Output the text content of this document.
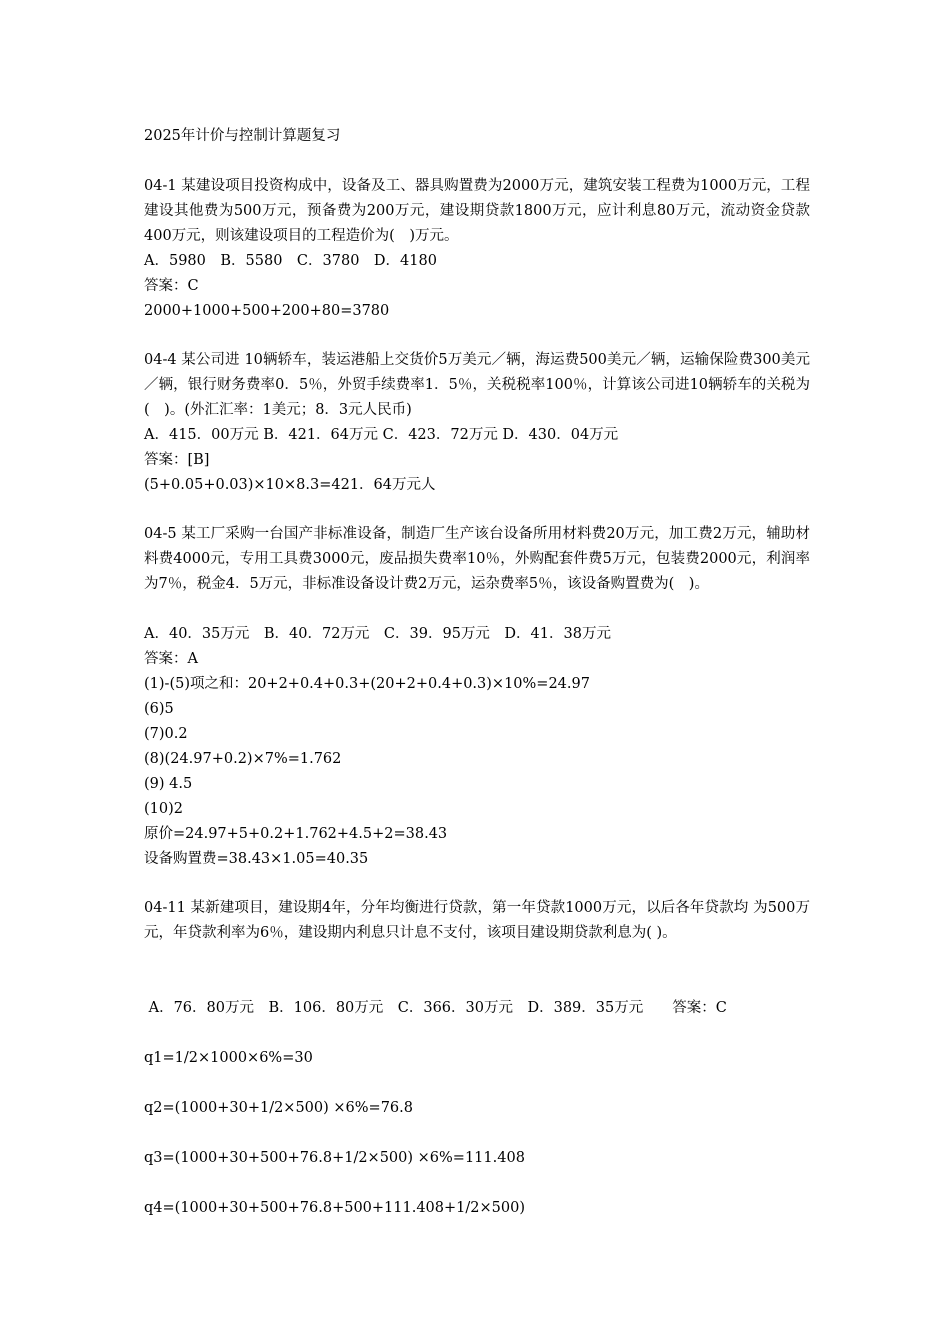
2025年计价与控制计算题复习
04-1 某建设项目投资构成中，设备及工、器具购置费为2000万元，建筑安装工程费为1000万元，工程建设其他费为500万元，预备费为200万元，建设期贷款1800万元，应计利息80万元，流动资金贷款400万元，则该建设项目的工程造价为(　)万元。
A．5980　B．5580　C．3780　D．4180
答案：C
2000+1000+500+200+80=3780
04-4 某公司进 10辆轿车，装运港船上交货价5万美元／辆，海运费500美元／辆，运输保险费300美元／辆，银行财务费率0．5％，外贸手续费率1．5％，关税税率100％，计算该公司进10辆轿车的关税为(　)。(外汇汇率：1美元；8．3元人民币)
A．415．00万元 B．421．64万元 C．423．72万元 D．430．04万元
答案：[B]
(5+0.05+0.03)×10×8.3=421．64万元人
04-5 某工厂采购一台国产非标准设备，制造厂生产该台设备所用材料费20万元，加工费2万元，辅助材料费4000元，专用工具费3000元，废品损失费率10％，外购配套件费5万元，包装费2000元，利润率为7％，税金4．5万元，非标准设备设计费2万元，运杂费率5％，该设备购置费为(　)。
A．40．35万元　B．40．72万元　C．39．95万元　D．41．38万元
答案：A
(1)-(5)项之和：20+2+0.4+0.3+(20+2+0.4+0.3)×10%=24.97
(6)5
(7)0.2
(8)(24.97+0.2)×7%=1.762
(9) 4.5
(10)2
原价=24.97+5+0.2+1.762+4.5+2=38.43
设备购置费=38.43×1.05=40.35
04-11 某新建项目，建设期4年，分年均衡进行贷款，第一年贷款1000万元，以后各年贷款均 为500万元，年贷款利率为6％，建设期内利息只计息不支付，该项目建设期贷款利息为( )。
A．76．80万元　B．106．80万元　C．366．30万元　D．389．35万元　　答案：C
q1=1/2×1000×6%=30
q2=(1000+30+1/2×500) ×6%=76.8
q3=(1000+30+500+76.8+1/2×500) ×6%=111.408
q4=(1000+30+500+76.8+500+111.408+1/2×500)
